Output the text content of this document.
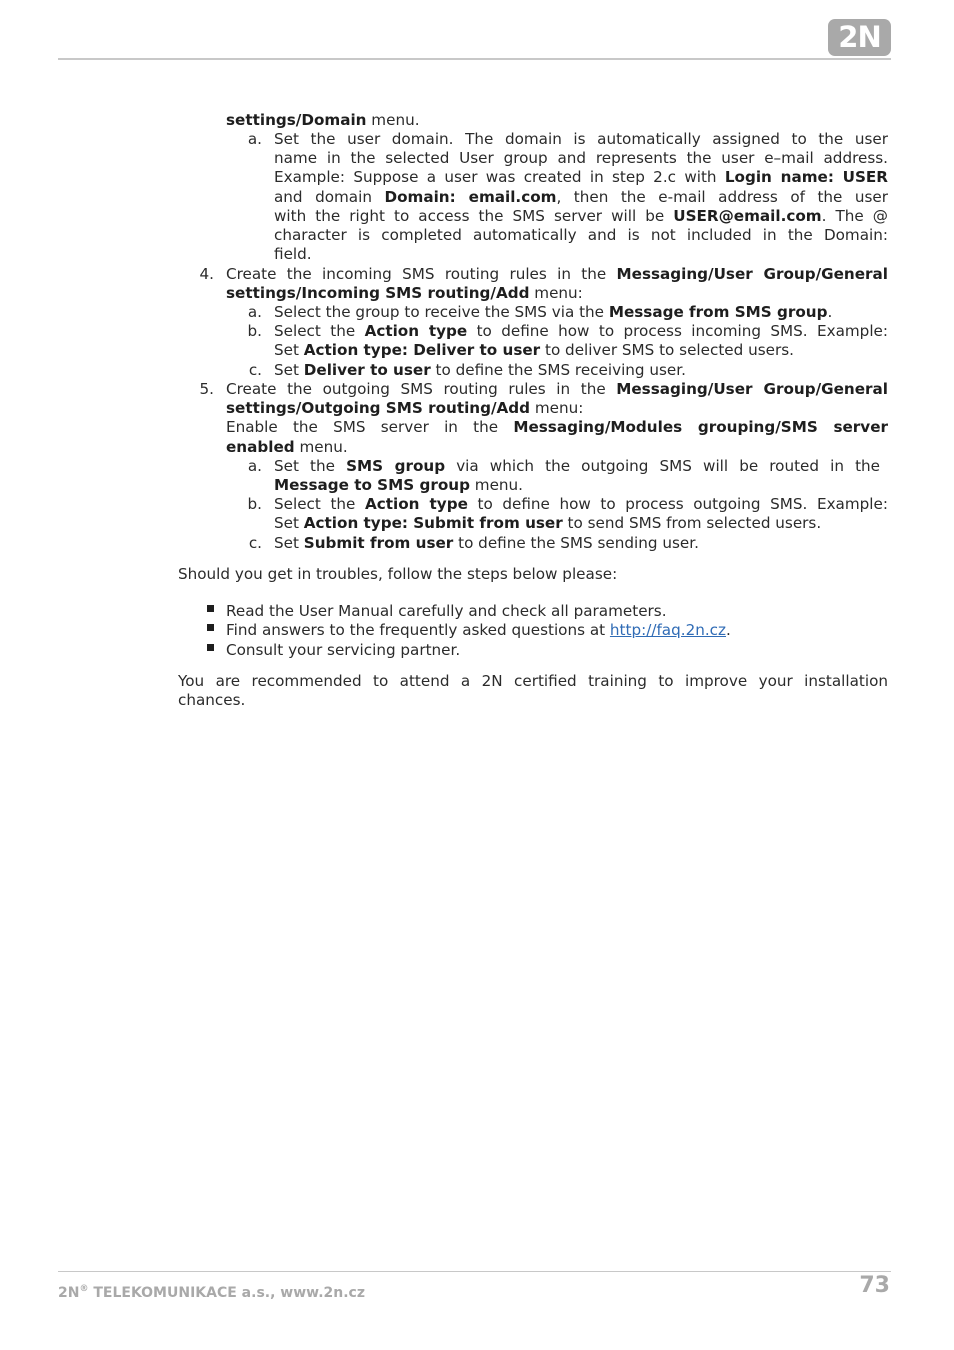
2N
settings/Domain menu.
a. Set the user domain. The domain is automatically assigned to the user
name in the selected User group and represents the user e–mail address.
Example: Suppose a user was created in step 2.c with Login name: USER
and domain Domain: email.com, then the e-mail address of the user
with the right to access the SMS server will be USER@email.com. The @
character is completed automatically and is not included in the Domain:
field.
4. Create the incoming SMS routing rules in the Messaging/User Group/General
settings/Incoming SMS routing/Add menu:
a. Select the group to receive the SMS via the Message from SMS group.
b. Select the Action type to define how to process incoming SMS. Example:
Set Action type: Deliver to user to deliver SMS to selected users.
c. Set Deliver to user to define the SMS receiving user.
5. Create the outgoing SMS routing rules in the Messaging/User Group/General
settings/Outgoing SMS routing/Add menu:
Enable the SMS server in the Messaging/Modules grouping/SMS server
enabled menu.
a. Set the SMS group via which the outgoing SMS will be routed in the
Message to SMS group menu.
b. Select the Action type to define how to process outgoing SMS. Example:
Set Action type: Submit from user to send SMS from selected users.
c. Set Submit from user to define the SMS sending user.
Should you get in troubles, follow the steps below please:
Read the User Manual carefully and check all parameters.
Find answers to the frequently asked questions at http://faq.2n.cz.
Consult your servicing partner.
You are recommended to attend a 2N certified training to improve your installation
chances.
2N® TELEKOMUNIKACE a.s., www.2n.cz	73
